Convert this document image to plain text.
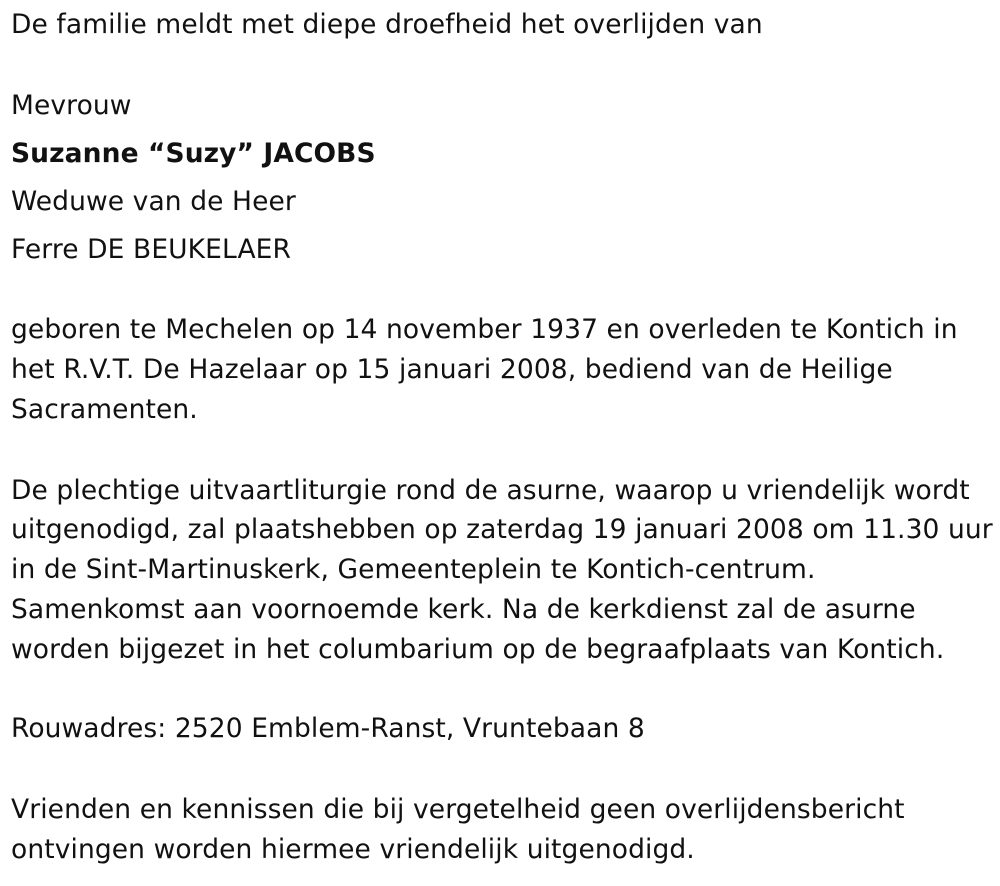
De familie meldt met diepe droefheid het overlijden van
Mevrouw
Suzanne “Suzy” JACOBS
Weduwe van de Heer
Ferre DE BEUKELAER
geboren te Mechelen op 14 november 1937 en overleden te Kontich in
het R.V.T. De Hazelaar op 15 januari 2008, bediend van de Heilige
Sacramenten.
De plechtige uitvaartliturgie rond de asurne, waarop u vriendelijk wordt
uitgenodigd, zal plaatshebben op zaterdag 19 januari 2008 om 11.30 uur
in de Sint-Martinuskerk, Gemeenteplein te Kontich-centrum.
Samenkomst aan voornoemde kerk. Na de kerkdienst zal de asurne
worden bijgezet in het columbarium op de begraafplaats van Kontich.
Rouwadres: 2520 Emblem-Ranst, Vruntebaan 8
Vrienden en kennissen die bij vergetelheid geen overlijdensbericht
ontvingen worden hiermee vriendelijk uitgenodigd.
